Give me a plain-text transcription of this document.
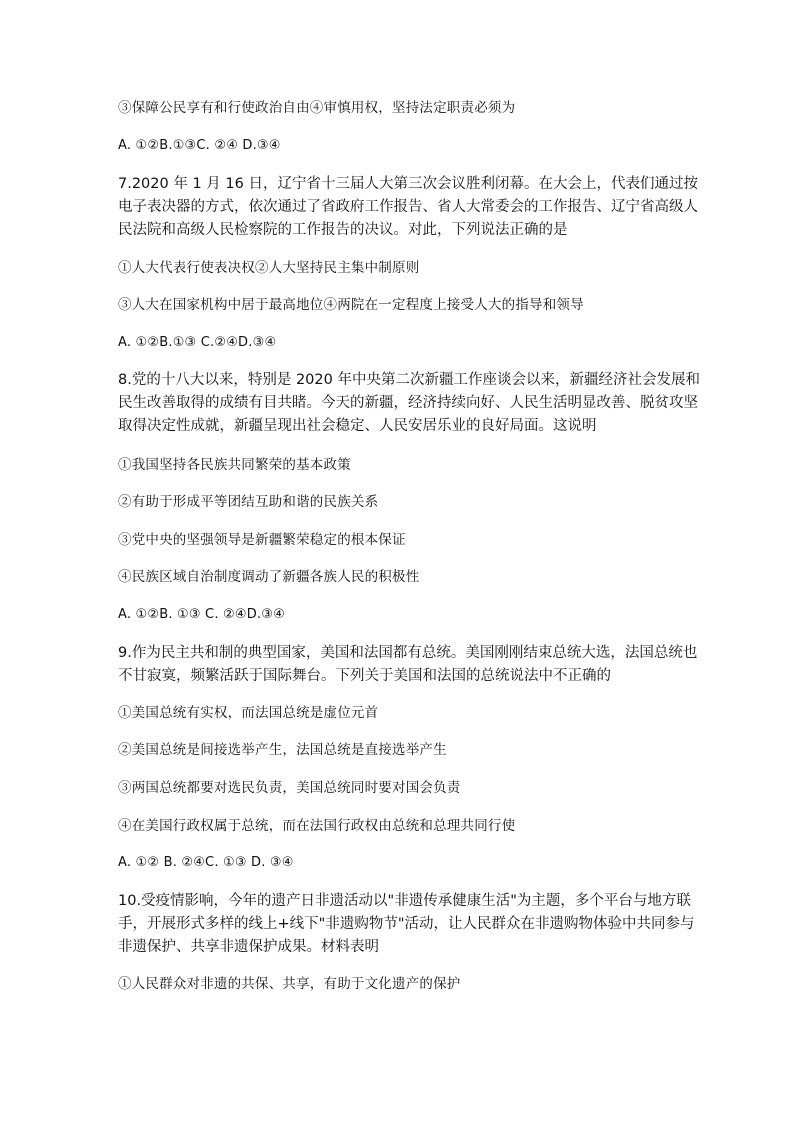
③保障公民享有和行使政治自由④审慎用权，坚持法定职责必须为
A. ①②B.①③C. ②④ D.③④
7.2020 年 1 月 16 日，辽宁省十三届人大第三次会议胜利闭幕。在大会上，代表们通过按
电子表决器的方式，依次通过了省政府工作报告、省人大常委会的工作报告、辽宁省高级人
民法院和高级人民检察院的工作报告的决议。对此，下列说法正确的是
①人大代表行使表决权②人大坚持民主集中制原则
③人大在国家机构中居于最高地位④两院在一定程度上接受人大的指导和领导
A. ①②B.①③ C.②④D.③④
8.党的十八大以来，特别是 2020 年中央第二次新疆工作座谈会以来，新疆经济社会发展和
民生改善取得的成绩有目共睹。今天的新疆，经济持续向好、人民生活明显改善、脱贫攻坚
取得决定性成就，新疆呈现出社会稳定、人民安居乐业的良好局面。这说明
①我国坚持各民族共同繁荣的基本政策
②有助于形成平等团结互助和谐的民族关系
③党中央的坚强领导是新疆繁荣稳定的根本保证
④民族区域自治制度调动了新疆各族人民的积极性
A. ①②B. ①③ C. ②④D.③④
9.作为民主共和制的典型国家，美国和法国都有总统。美国刚刚结束总统大选，法国总统也
不甘寂寞，频繁活跃于国际舞台。下列关于美国和法国的总统说法中不正确的
①美国总统有实权，而法国总统是虚位元首
②美国总统是间接选举产生，法国总统是直接选举产生
③两国总统都要对选民负责，美国总统同时要对国会负责
④在美国行政权属于总统，而在法国行政权由总统和总理共同行使
A. ①② B. ②④C. ①③ D. ③④
10.受疫情影响，今年的遗产日非遗活动以"非遗传承健康生活"为主题，多个平台与地方联
手，开展形式多样的线上+线下"非遗购物节"活动，让人民群众在非遗购物体验中共同参与
非遗保护、共享非遗保护成果。材料表明
①人民群众对非遗的共保、共享，有助于文化遗产的保护
